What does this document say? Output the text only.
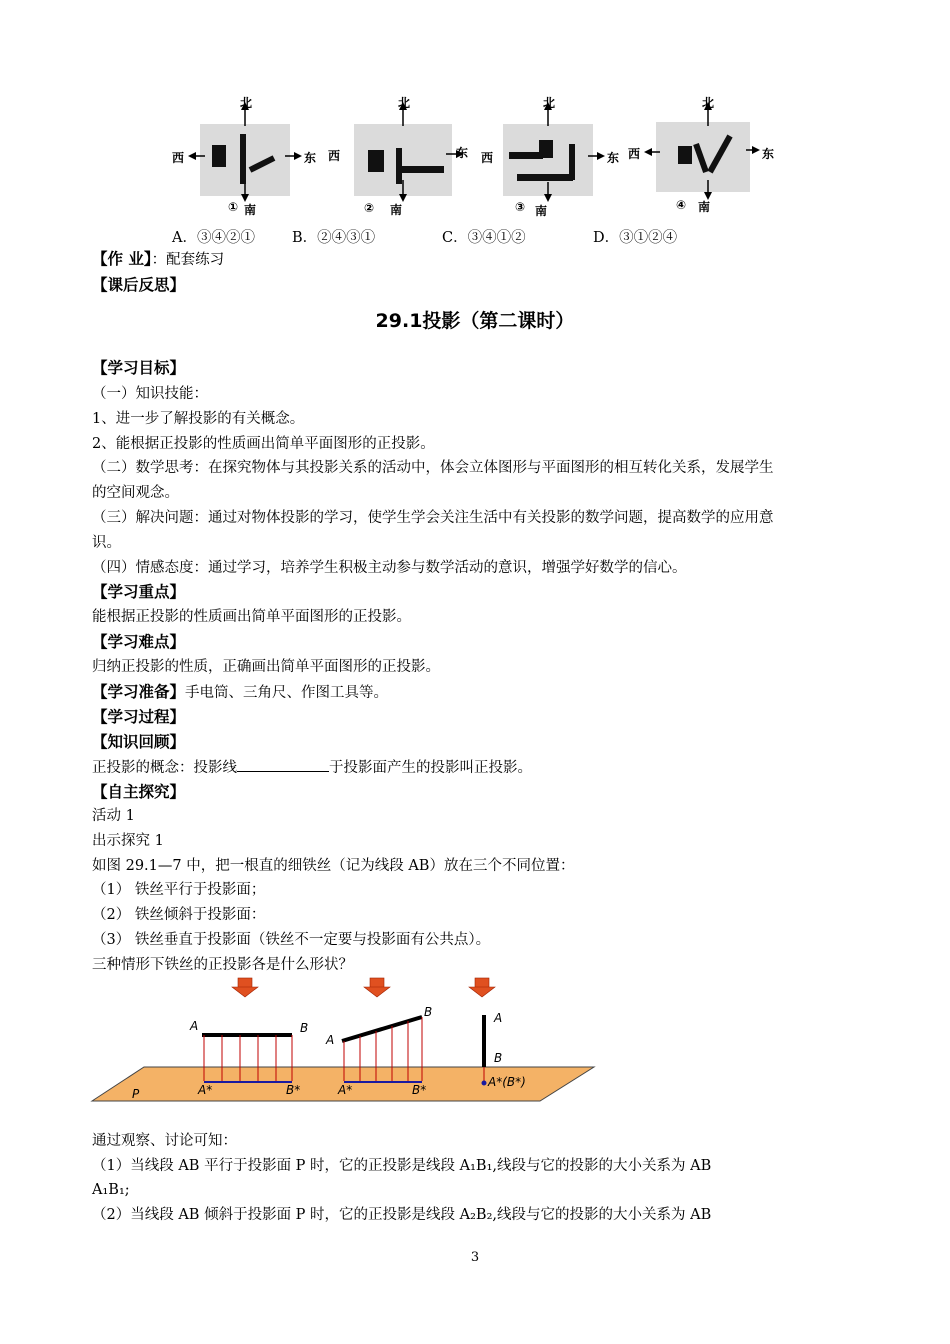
北
西	东
① 南
北
西	东
② 南
北
西	东
③ 南
北
西	东
④ 南
A．③④②①	B．②④③①	C．③④①②	D．③①②④
【作 业】：配套练习
【课后反思】
29.1投影（第二课时）
【学习目标】
（一）知识技能：
1、进一步了解投影的有关概念。
2、能根据正投影的性质画出简单平面图形的正投影。
（二）数学思考：在探究物体与其投影关系的活动中，体会立体图形与平面图形的相互转化关系，发展学生
的空间观念。
（三）解决问题：通过对物体投影的学习，使学生学会关注生活中有关投影的数学问题，提高数学的应用意
识。
（四）情感态度：通过学习，培养学生积极主动参与数学活动的意识，增强学好数学的信心。
【学习重点】
能根据正投影的性质画出简单平面图形的正投影。
【学习难点】
归纳正投影的性质，正确画出简单平面图形的正投影。
【学习准备】手电筒、三角尺、作图工具等。
【学习过程】
【知识回顾】
正投影的概念：投影线	于投影面产生的投影叫正投影。
【自主探究】
活动 1
出示探究 1
如图 29.1—7 中，把一根直的细铁丝（记为线段 AB）放在三个不同位置：
（1） 铁丝平行于投影面；
（2） 铁丝倾斜于投影面：
（3） 铁丝垂直于投影面（铁丝不一定要与投影面有公共点）。
三种情形下铁丝的正投影各是什么形状？
A	B
A*	B*
A
B
A*	B*
A
B
A*(B*)
P
通过观察、讨论可知：
（1）当线段 AB 平行于投影面 P 时，它的正投影是线段 A₁B₁,线段与它的投影的大小关系为 AB
A₁B₁;
（2）当线段 AB 倾斜于投影面 P 时，它的正投影是线段 A₂B₂,线段与它的投影的大小关系为 AB
3
